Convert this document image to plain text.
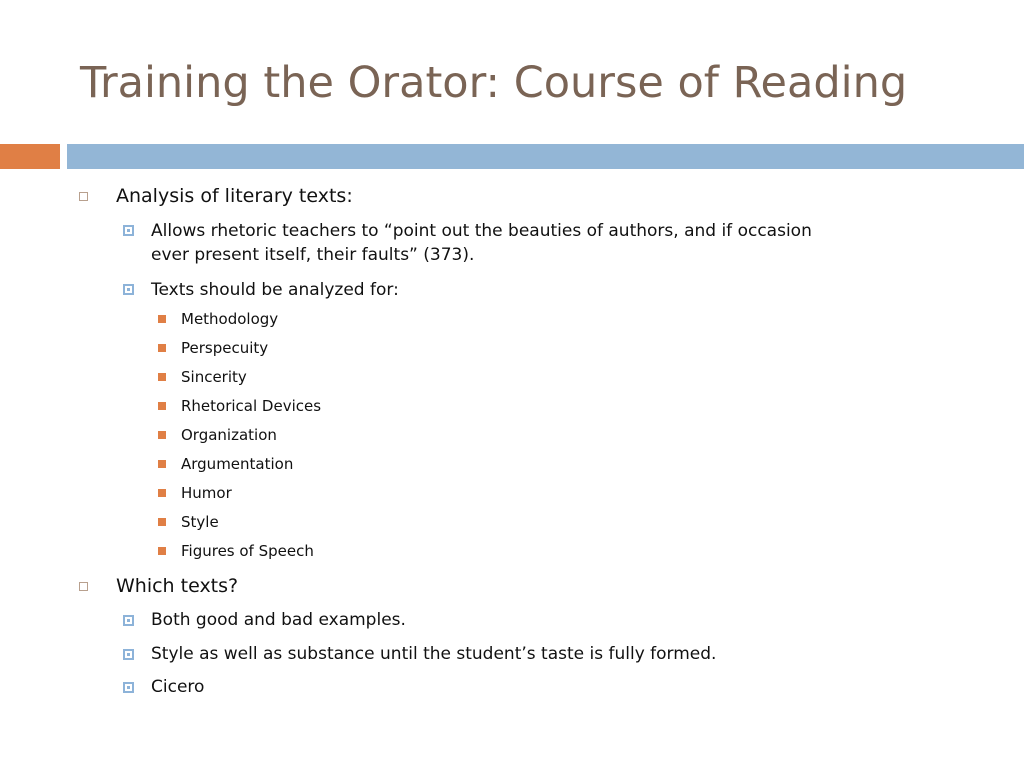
Training the Orator: Course of Reading
Analysis of literary texts:
Allows rhetoric teachers to “point out the beauties of authors, and if occasion
ever present itself, their faults” (373).
Texts should be analyzed for:
Methodology
Perspecuity
Sincerity
Rhetorical Devices
Organization
Argumentation
Humor
Style
Figures of Speech
Which texts?
Both good and bad examples.
Style as well as substance until the student’s taste is fully formed.
Cicero
